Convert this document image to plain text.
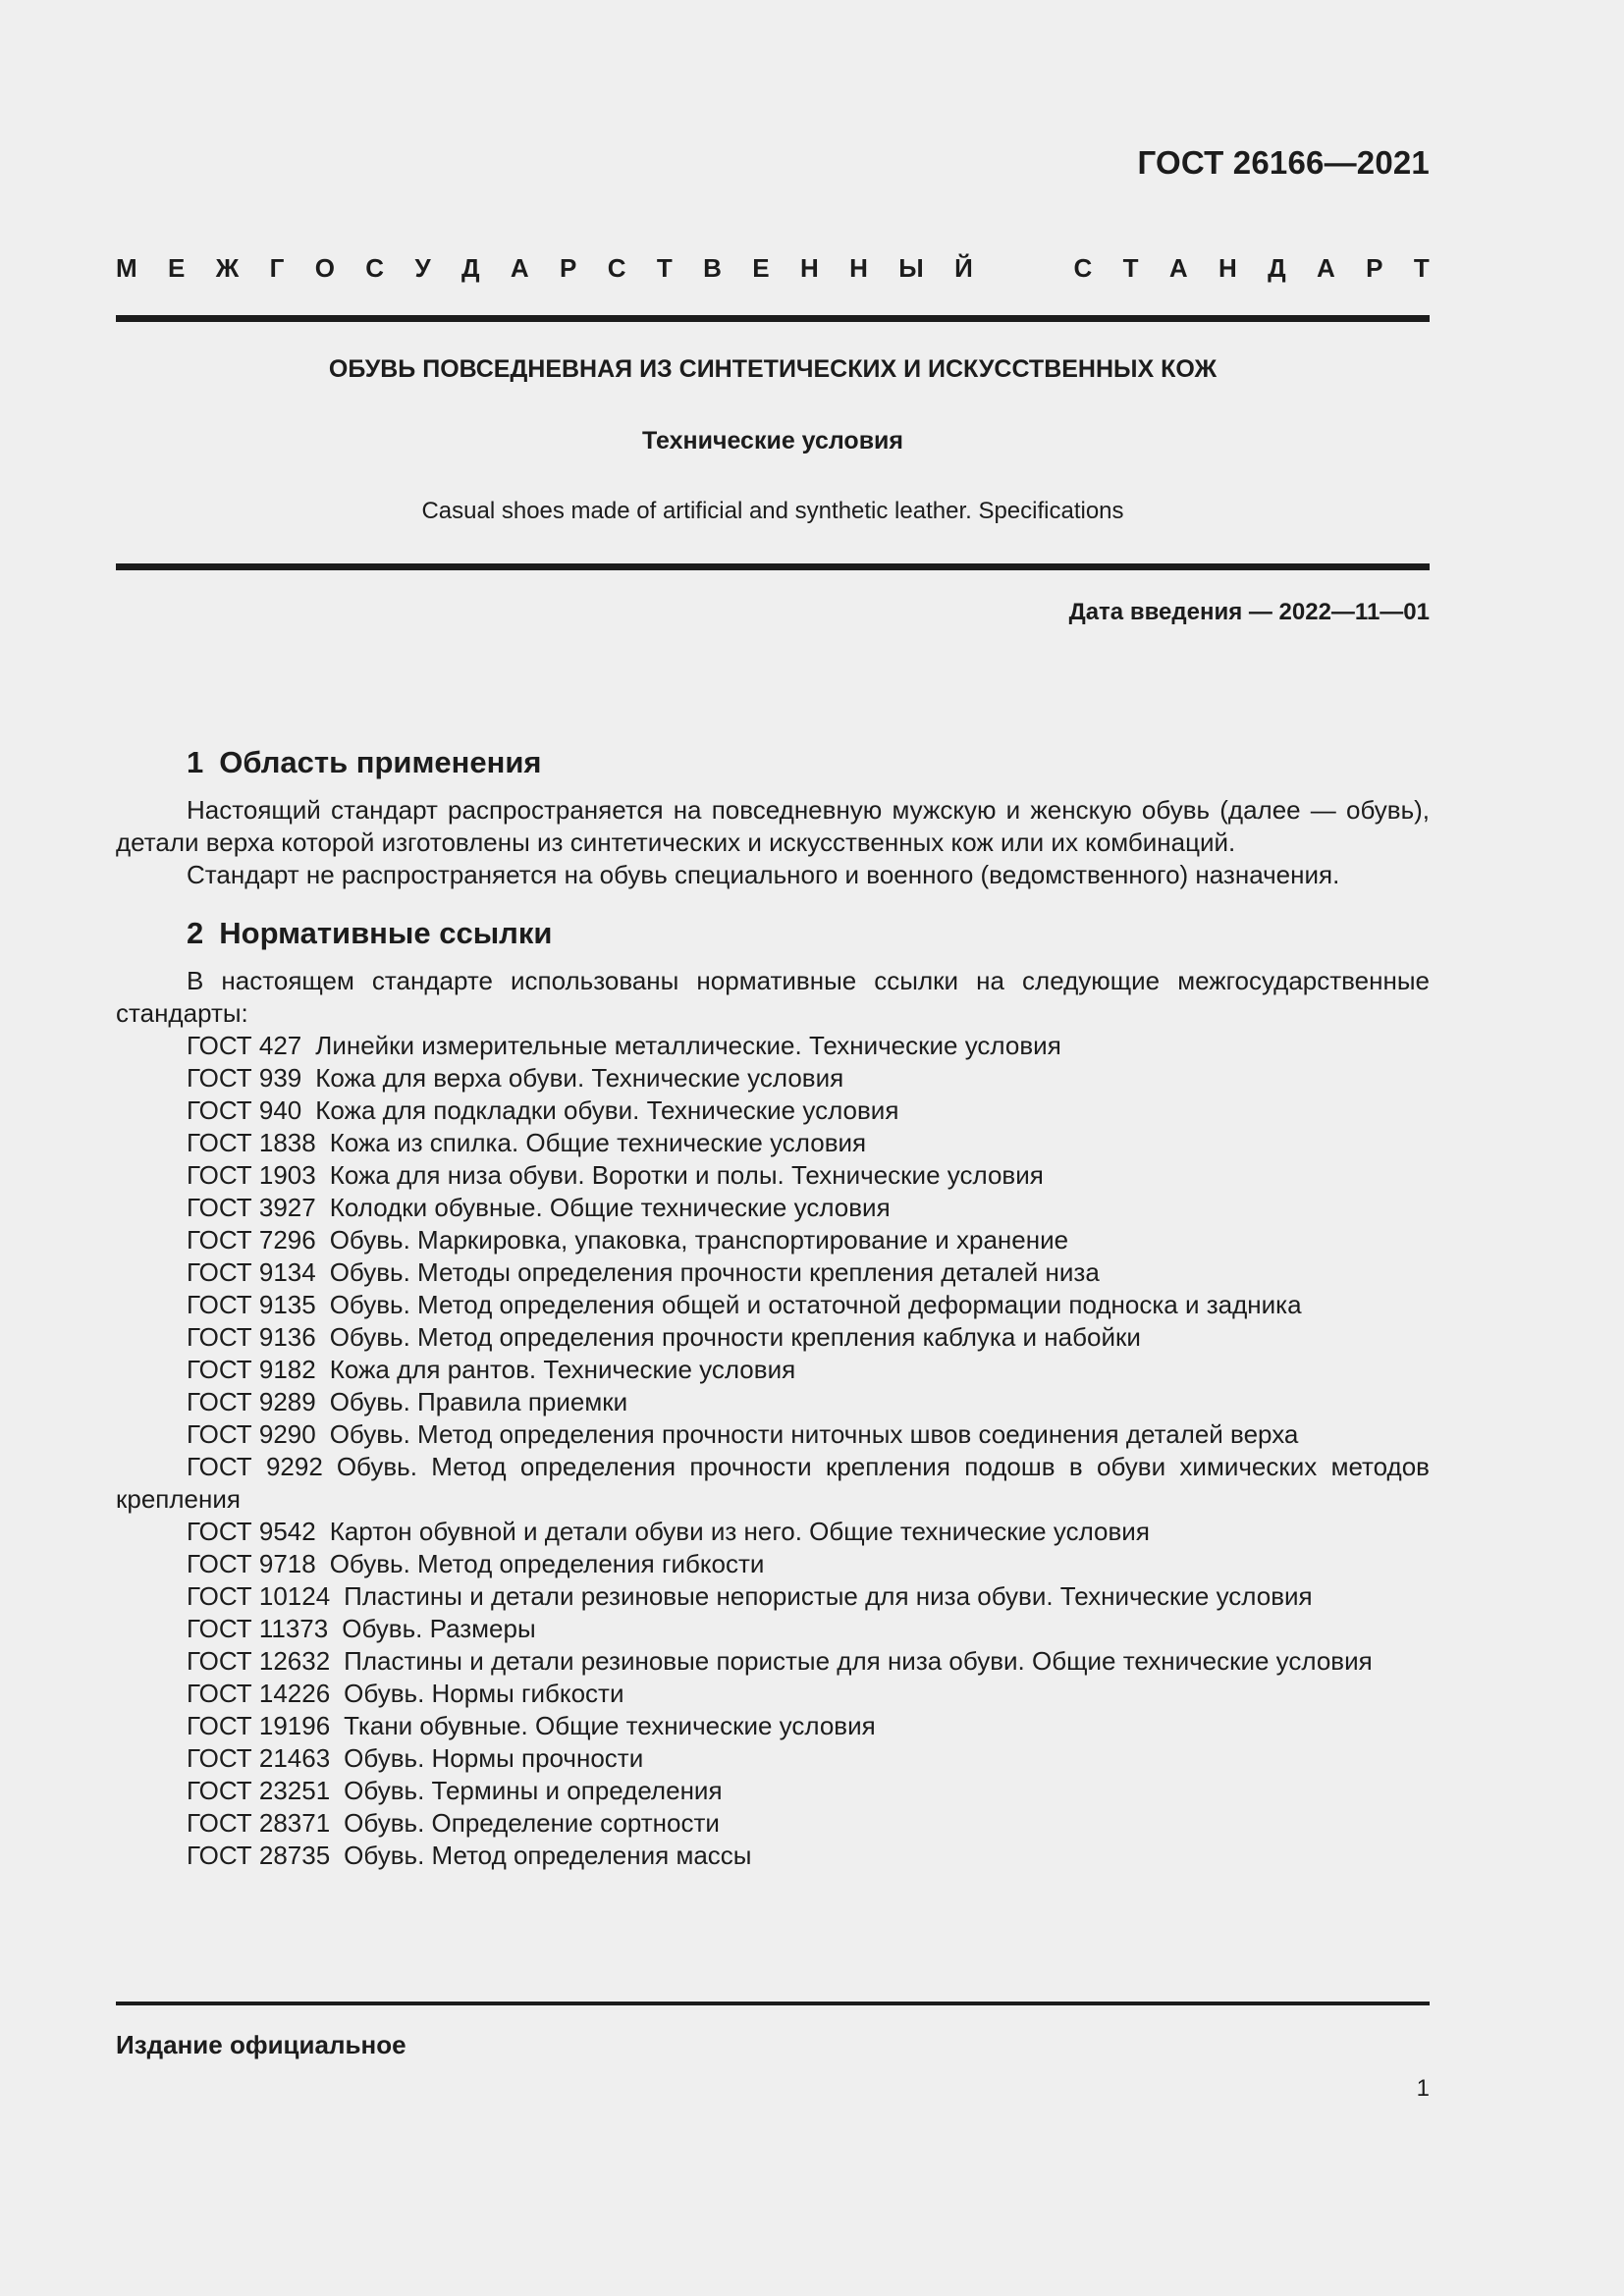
ГОСТ 26166—2021
М Е Ж Г О С У Д А Р С Т В Е Н Н Ы Й	С Т А Н Д А Р Т
ОБУВЬ ПОВСЕДНЕВНАЯ ИЗ СИНТЕТИЧЕСКИХ И ИСКУССТВЕННЫХ КОЖ
Технические условия
Casual shoes made of artificial and synthetic leather. Specifications
Дата введения — 2022—11—01
1 Область применения

Настоящий стандарт распространяется на повседневную мужскую и женскую обувь (далее — обувь), детали верха которой изготовлены из синтетических и искусственных кож или их комбинаций.

Стандарт не распространяется на обувь специального и военного (ведомственного) назначения.

2 Нормативные ссылки

В настоящем стандарте использованы нормативные ссылки на следующие межгосударственные стандарты:

ГОСТ 427 Линейки измерительные металлические. Технические условия

ГОСТ 939 Кожа для верха обуви. Технические условия

ГОСТ 940 Кожа для подкладки обуви. Технические условия

ГОСТ 1838 Кожа из спилка. Общие технические условия

ГОСТ 1903 Кожа для низа обуви. Воротки и полы. Технические условия

ГОСТ 3927 Колодки обувные. Общие технические условия

ГОСТ 7296 Обувь. Маркировка, упаковка, транспортирование и хранение

ГОСТ 9134 Обувь. Методы определения прочности крепления деталей низа

ГОСТ 9135 Обувь. Метод определения общей и остаточной деформации подноска и задника

ГОСТ 9136 Обувь. Метод определения прочности крепления каблука и набойки

ГОСТ 9182 Кожа для рантов. Технические условия

ГОСТ 9289 Обувь. Правила приемки

ГОСТ 9290 Обувь. Метод определения прочности ниточных швов соединения деталей верха

ГОСТ 9292 Обувь. Метод определения прочности крепления подошв в обуви химических методов крепления

ГОСТ 9542 Картон обувной и детали обуви из него. Общие технические условия

ГОСТ 9718 Обувь. Метод определения гибкости

ГОСТ 10124 Пластины и детали резиновые непористые для низа обуви. Технические условия

ГОСТ 11373 Обувь. Размеры

ГОСТ 12632 Пластины и детали резиновые пористые для низа обуви. Общие технические условия

ГОСТ 14226 Обувь. Нормы гибкости

ГОСТ 19196 Ткани обувные. Общие технические условия

ГОСТ 21463 Обувь. Нормы прочности

ГОСТ 23251 Обувь. Термины и определения

ГОСТ 28371 Обувь. Определение сортности

ГОСТ 28735 Обувь. Метод определения массы

Издание официальное
1
